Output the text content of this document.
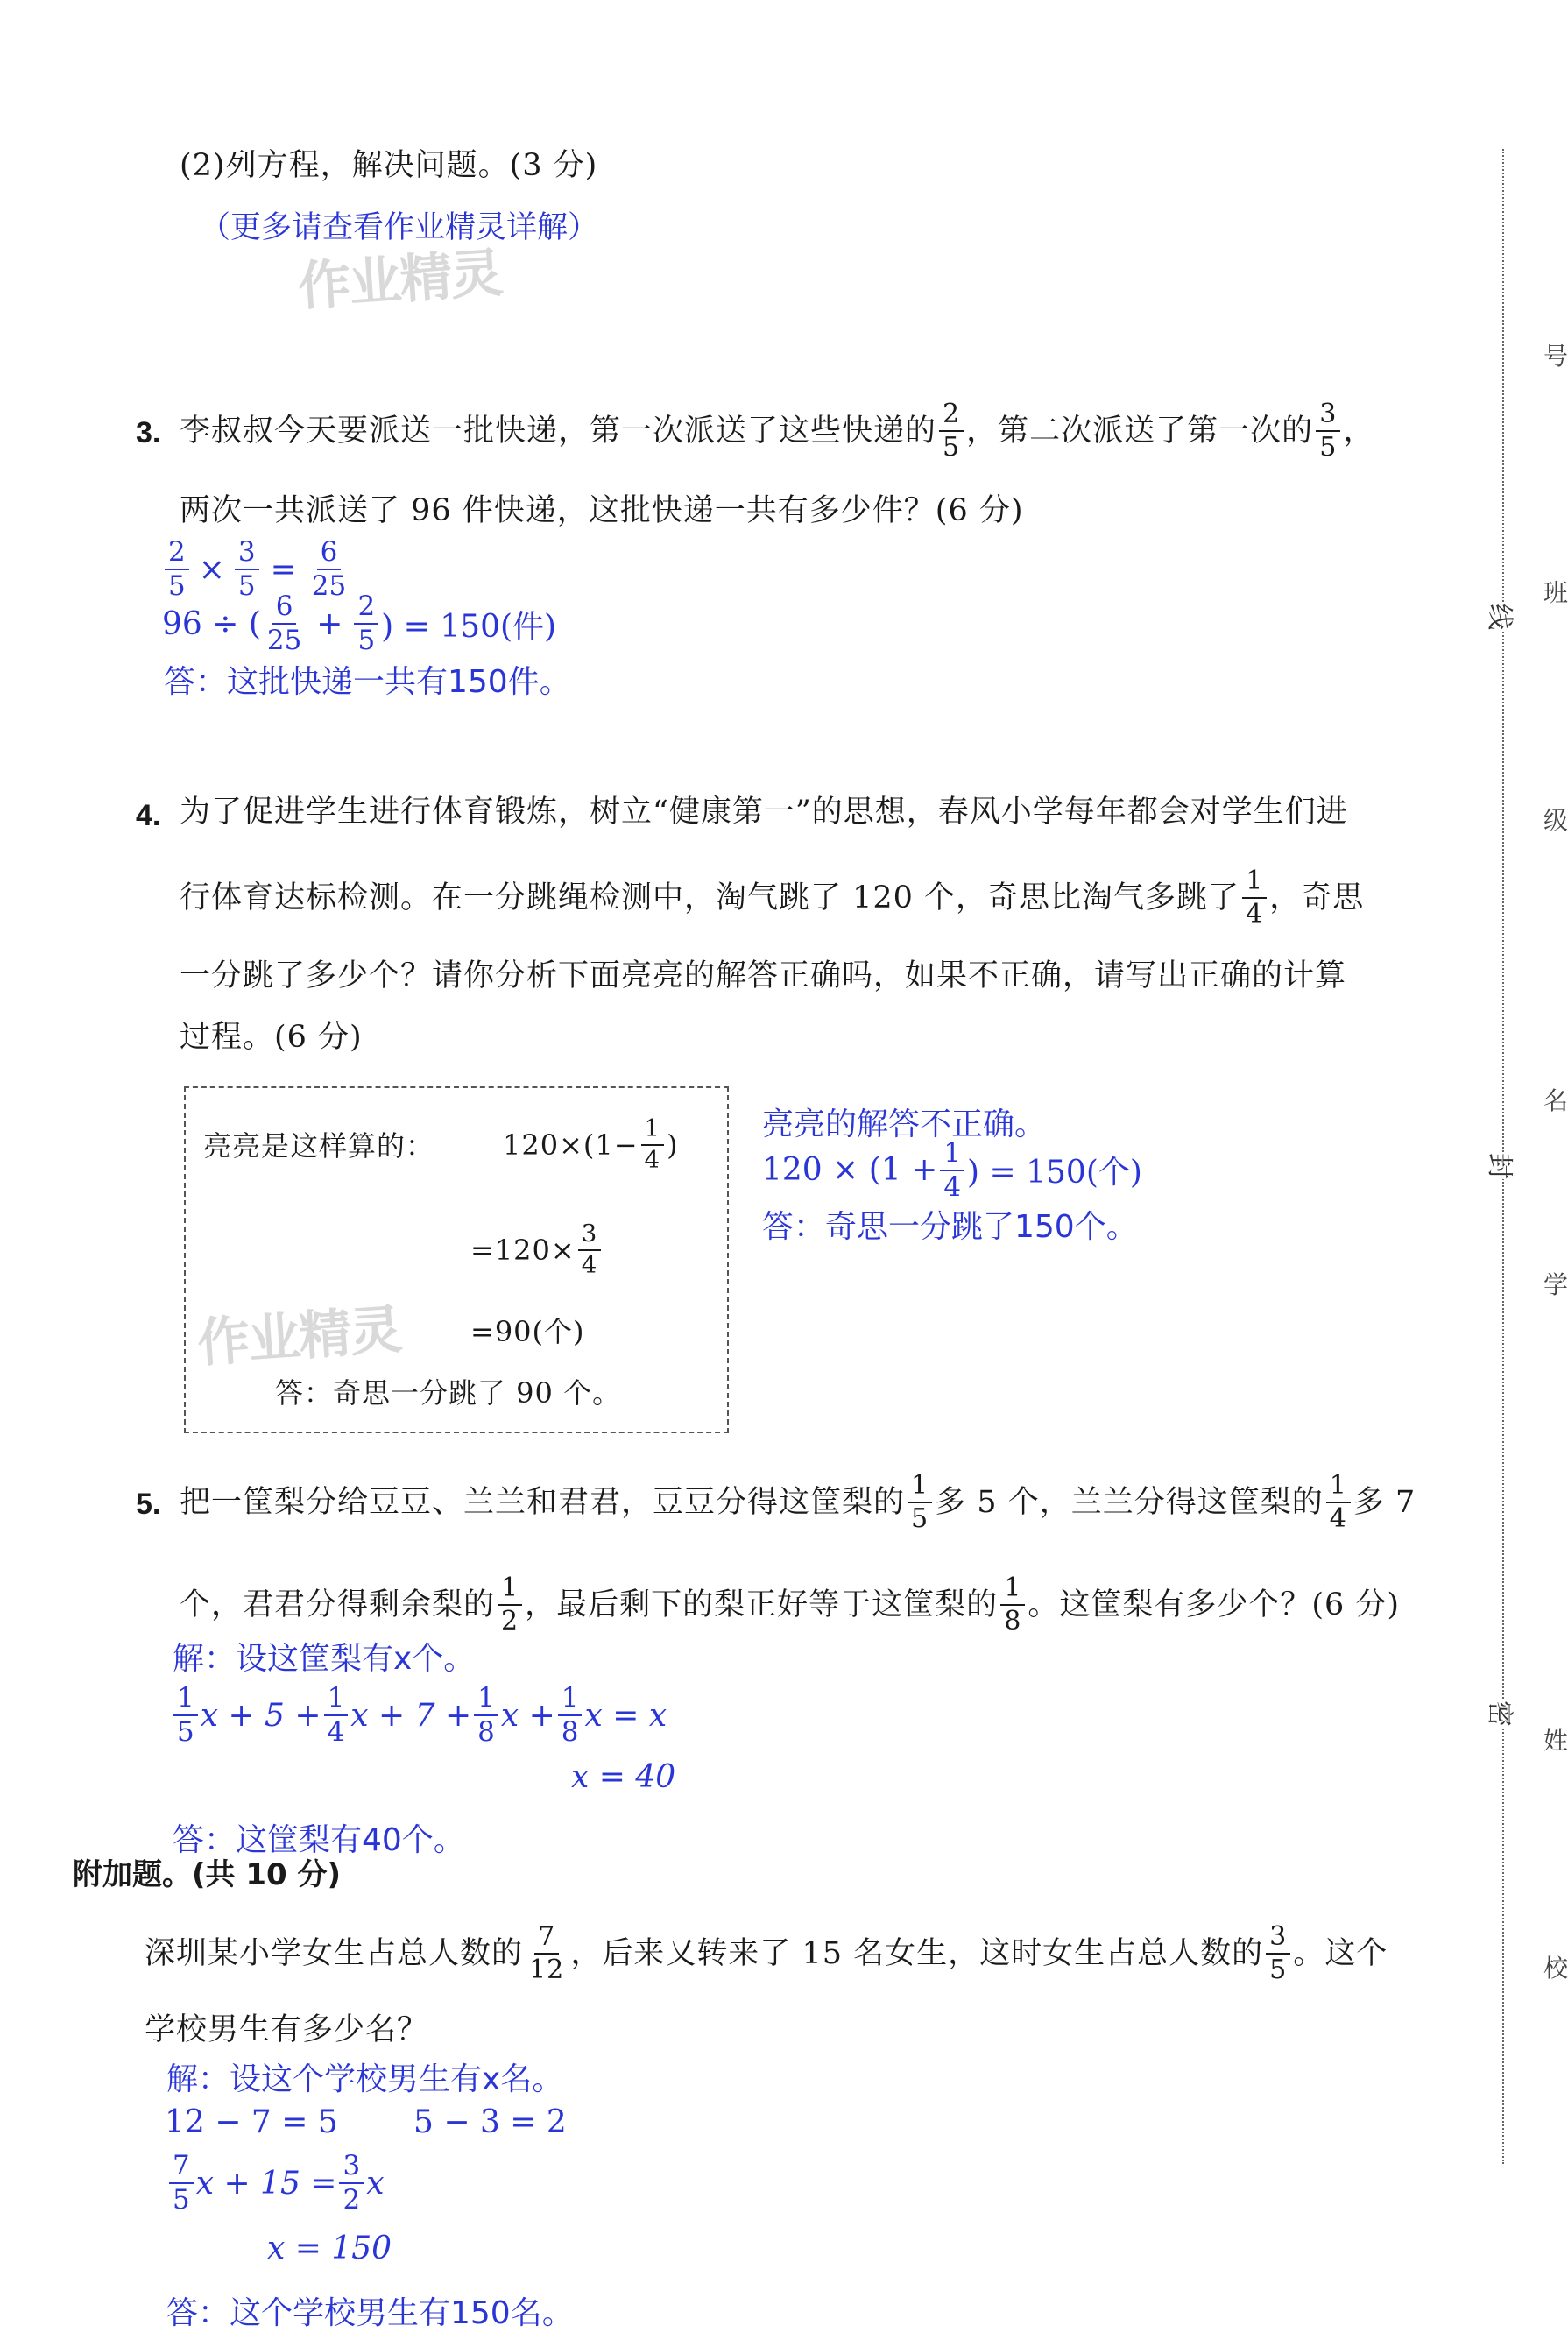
(2)列方程，解决问题。(3 分)
（更多请查看作业精灵详解）
作业精灵
3. 李叔叔今天要派送一批快递，第一次派送了这些快递的 $\frac{2}{5}$ ，第二次派送了第一次的 $\frac{3}{5}$ ，
两次一共派送了 96 件快递，这批快递一共有多少件？(6 分)
$\frac{2}{5} \times \frac{3}{5} = \frac{6}{25}$
96 ÷ ( $\frac{6}{25} + \frac{2}{5}$ ) = 150(件)
答：这批快递一共有150件。
4. 为了促进学生进行体育锻炼，树立“健康第一”的思想，春风小学每年都会对学生们进
行体育达标检测。在一分跳绳检测中，淘气跳了 120 个，奇思比淘气多跳了 $\frac{1}{4}$ ，奇思
一分跳了多少个？请你分析下面亮亮的解答正确吗，如果不正确，请写出正确的计算
过程。(6 分)
亮亮是这样算的： $120\times(1- \frac{1}{4}$ )
$=120\times \frac{3}{4}$
=90(个)
答：奇思一分跳了 90 个。
作业精灵
亮亮的解答不正确。
$120 \times (1 + \frac{1}{4}$ ) = 150(个)
答：奇思一分跳了150个。
5. 把一筐梨分给豆豆、兰兰和君君，豆豆分得这筐梨的 $\frac{1}{5}$ 多 5 个，兰兰分得这筐梨的 $\frac{1}{4}$ 多 7
个，君君分得剩余梨的 $\frac{1}{2}$ ，最后剩下的梨正好等于这筐梨的 $\frac{1}{8}$ 。这筐梨有多少个？(6 分)
解：设这筐梨有x个。
$\frac{1}{5}$ $x + 5 + \frac{1}{4}$ $x + 7 + \frac{1}{8}$ $x + \frac{1}{8}$ x = x
x = 40
答：这筐梨有40个。
附加题。(共 10 分)
深圳某小学女生占总人数的 $\frac{7}{12}$ ，后来又转来了 15 名女生，这时女生占总人数的 $\frac{3}{5}$ 。这个
学校男生有多少名？
解：设这个学校男生有x名。
12 − 7 = 5 5 − 3 = 2
$\frac{7}{5}$ $x + 15 = \frac{3}{2}$ x
x = 150
答：这个学校男生有150名。
线
封
密
号
班
级
名
学
姓
校
